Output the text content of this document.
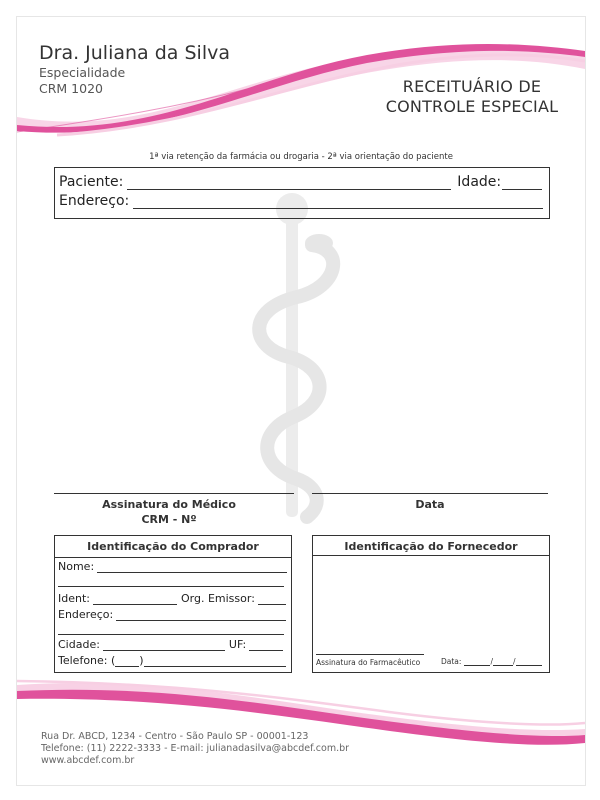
Dra. Juliana da Silva
Especialidade
CRM 1020	RECEITUÁRIO DE
CONTROLE ESPECIAL
1ª via retenção da farmácia ou drogaria - 2ª via orientação do paciente
Paciente:	Idade:
Endereço:
Assinatura do Médico
CRM - Nº
Data
Identificação do Comprador
Nome:
Ident:	Org. Emissor:
Endereço:
Cidade:	UF:
Telefone: ( )
Identificação do Fornecedor
Assinatura do Farmacêutico	Data:	/	/
Rua Dr. ABCD, 1234 - Centro - São Paulo SP - 00001-123
Telefone: (11) 2222-3333 - E-mail: julianadasilva@abcdef.com.br
www.abcdef.com.br
